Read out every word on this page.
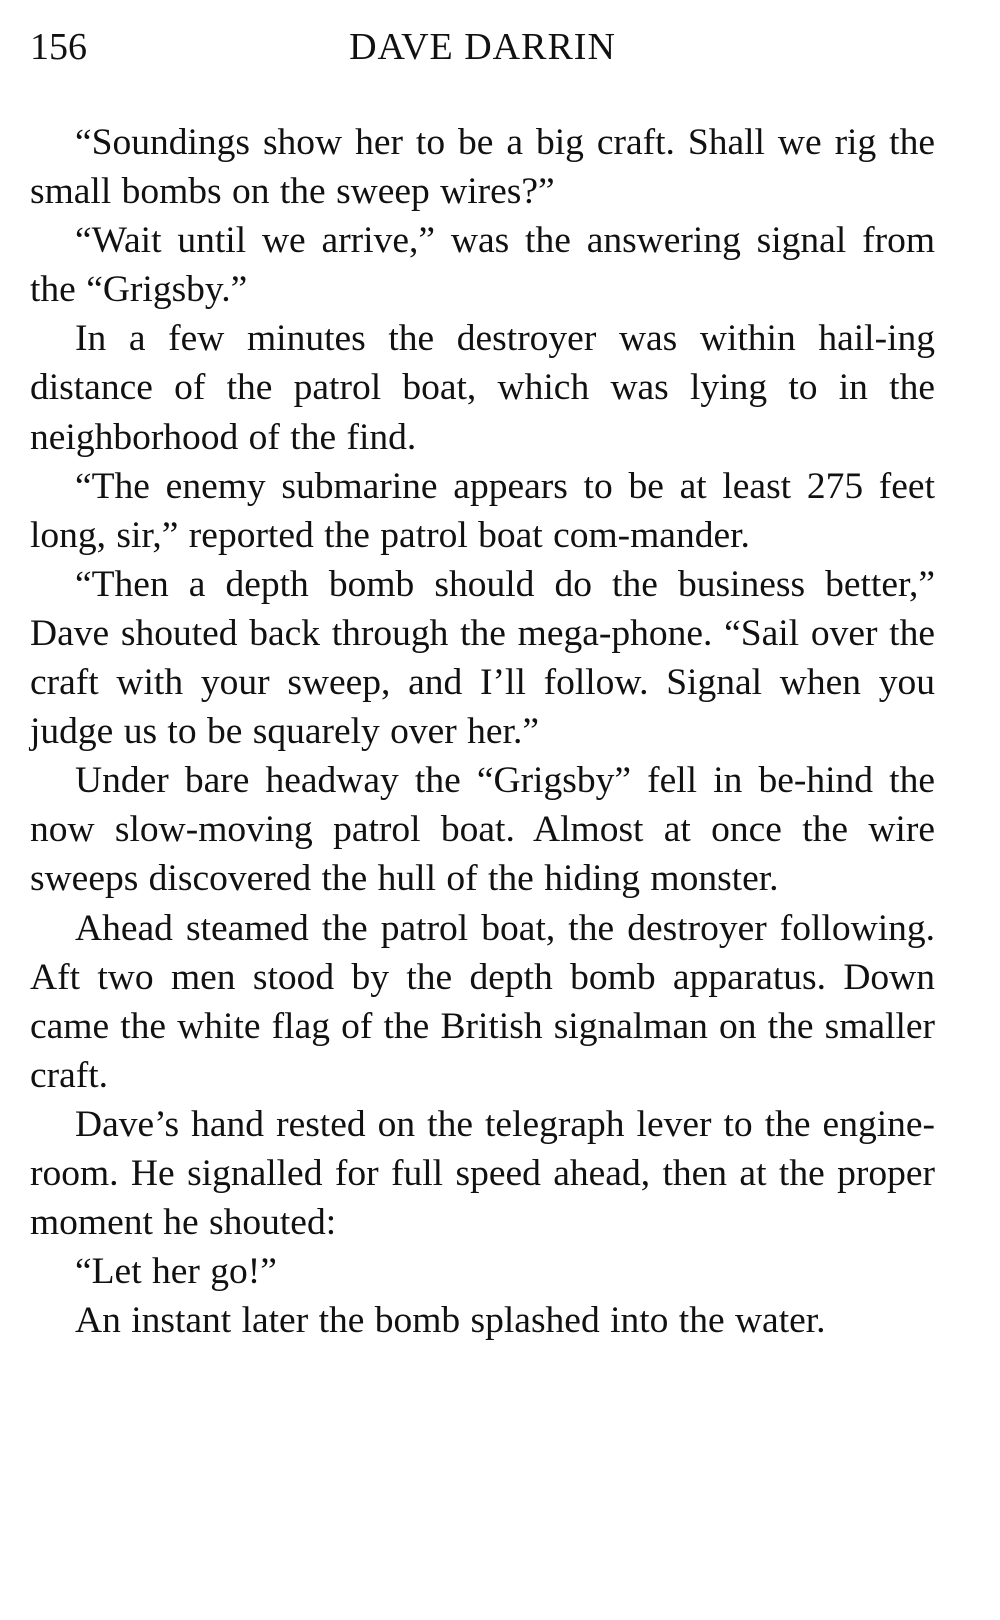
156	DAVE DARRIN

“Soundings show her to be a big craft. Shall we rig the small bombs on the sweep wires?”

“Wait until we arrive,” was the answering signal from the “Grigsby.”

In a few minutes the destroyer was within hail-ing distance of the patrol boat, which was lying to in the neighborhood of the find.

“The enemy submarine appears to be at least 275 feet long, sir,” reported the patrol boat com-mander.

“Then a depth bomb should do the business better,” Dave shouted back through the mega-phone. “Sail over the craft with your sweep, and I’ll follow. Signal when you judge us to be squarely over her.”

Under bare headway the “Grigsby” fell in be-hind the now slow-moving patrol boat. Almost at once the wire sweeps discovered the hull of the hiding monster.

Ahead steamed the patrol boat, the destroyer following. Aft two men stood by the depth bomb apparatus. Down came the white flag of the British signalman on the smaller craft.

Dave’s hand rested on the telegraph lever to the engine-room. He signalled for full speed ahead, then at the proper moment he shouted:

“Let her go!”

An instant later the bomb splashed into the water.
